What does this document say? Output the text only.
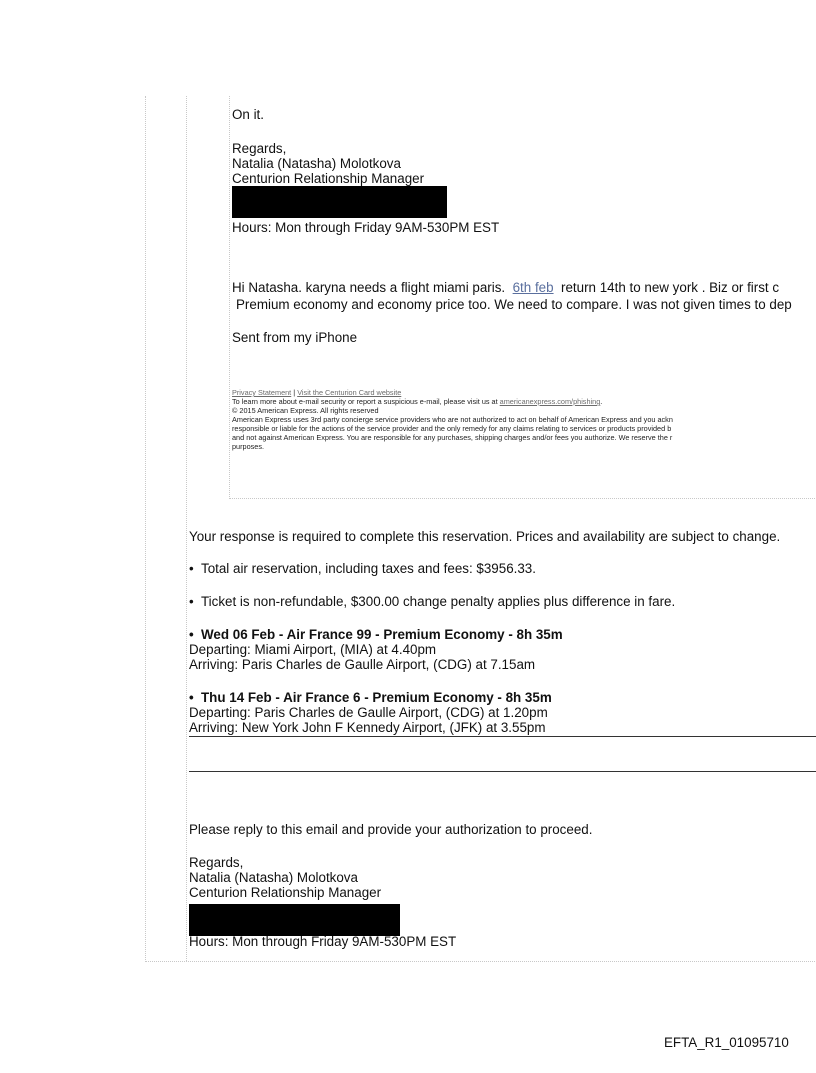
On it.
Regards,
Natalia (Natasha) Molotkova
Centurion Relationship Manager
Hours: Mon through Friday 9AM-530PM EST
Hi Natasha. karyna needs a flight miami paris. 6th feb return 14th to new york . Biz or first c
Premium economy and economy price too. We need to compare. I was not given times to dep
Sent from my iPhone
Privacy Statement | Visit the Centurion Card website
To learn more about e-mail security or report a suspicious e-mail, please visit us at americanexpress.com/phishing.
© 2015 American Express. All rights reserved
American Express uses 3rd party concierge service providers who are not authorized to act on behalf of American Express and you ackn
responsible or liable for the actions of the service provider and the only remedy for any claims relating to services or products provided b
and not against American Express. You are responsible for any purchases, shipping charges and/or fees you authorize. We reserve the r
purposes.
Your response is required to complete this reservation. Prices and availability are subject to change.
• Total air reservation, including taxes and fees: $3956.33.
• Ticket is non-refundable, $300.00 change penalty applies plus difference in fare.
• Wed 06 Feb - Air France 99 - Premium Economy - 8h 35m
Departing: Miami Airport, (MIA) at 4.40pm
Arriving: Paris Charles de Gaulle Airport, (CDG) at 7.15am
• Thu 14 Feb - Air France 6 - Premium Economy - 8h 35m
Departing: Paris Charles de Gaulle Airport, (CDG) at 1.20pm
Arriving: New York John F Kennedy Airport, (JFK) at 3.55pm
Please reply to this email and provide your authorization to proceed.
Regards,
Natalia (Natasha) Molotkova
Centurion Relationship Manager
Hours: Mon through Friday 9AM-530PM EST
EFTA_R1_01095710
